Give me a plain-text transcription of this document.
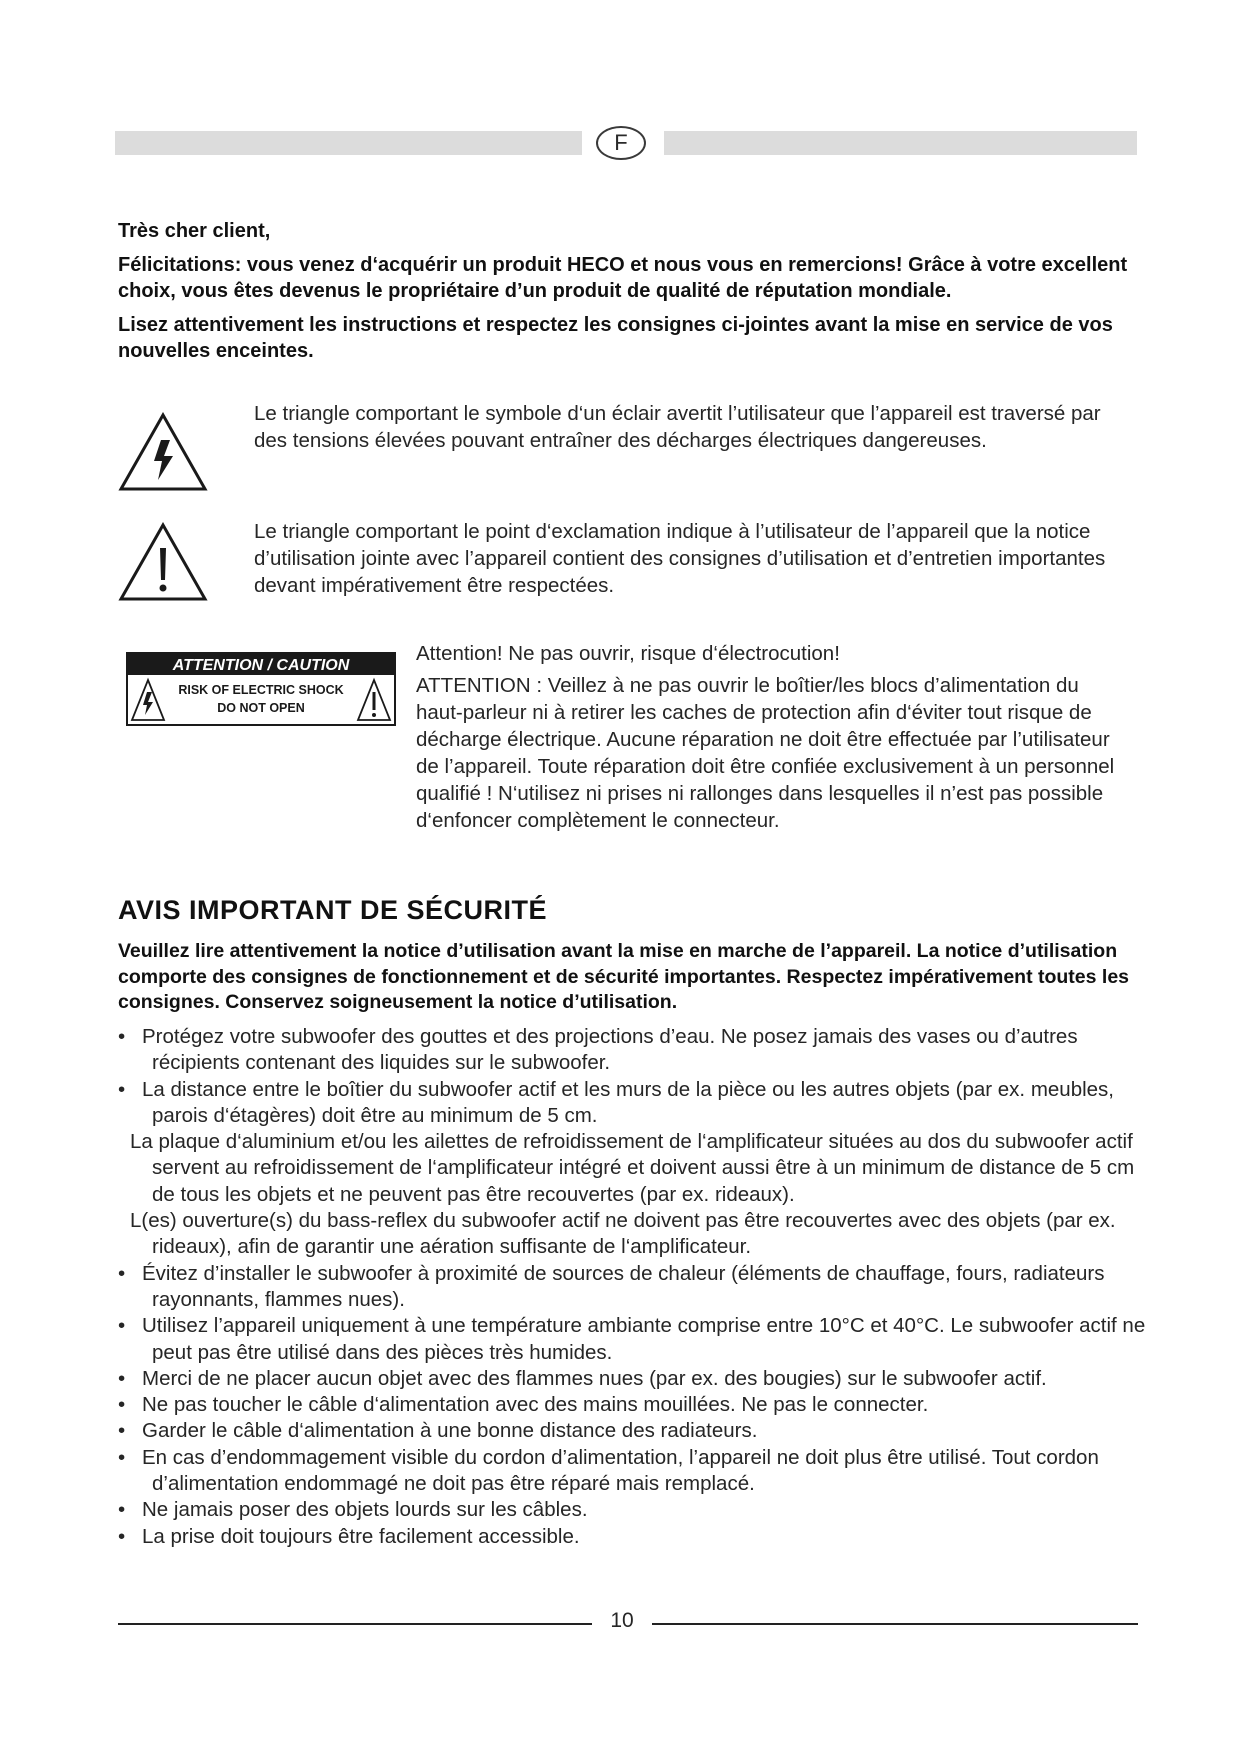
F

Très cher client,

Félicitations: vous venez d‘acquérir un produit HECO et nous vous en remercions! Grâce à votre excellent choix, vous êtes devenus le propriétaire d’un produit de qualité de réputation mondiale.

Lisez attentivement les instructions et respectez les consignes ci-jointes avant la mise en service de vos nouvelles enceintes.

Le triangle comportant le symbole d‘un éclair avertit l’utilisateur que l’appareil est traversé par des tensions élevées pouvant entraîner des décharges électriques dangereuses.
Le triangle comportant le point d‘exclamation indique à l’utilisateur de l’appareil que la notice d’utilisation jointe avec l’appareil contient des consignes d’utilisation et d’entretien importantes devant impérativement être respectées.
ATTENTION / CAUTION
RISK OF ELECTRIC SHOCK
DO NOT OPEN
Attention! Ne pas ouvrir, risque d‘électrocution!
ATTENTION : Veillez à ne pas ouvrir le boîtier/les blocs d’alimentation du haut-parleur ni à retirer les caches de protection afin d‘éviter tout risque de décharge électrique. Aucune réparation ne doit être effectuée par l’utilisateur de l’appareil. Toute réparation doit être confiée exclusivement à un personnel qualifié ! N‘utilisez ni prises ni rallonges dans lesquelles il n’est pas possible d‘enfoncer complètement le connecteur.
AVIS IMPORTANT DE SÉCURITÉ
Veuillez lire attentivement la notice d’utilisation avant la mise en marche de l’appareil. La notice d’utilisation comporte des consignes de fonctionnement et de sécurité importantes. Respectez impérativement toutes les consignes. Conservez soigneusement la notice d’utilisation.
• Protégez votre subwoofer des gouttes et des projections d’eau. Ne posez jamais des vases ou d’autres récipients contenant des liquides sur le subwoofer.
• La distance entre le boîtier du subwoofer actif et les murs de la pièce ou les autres objets (par ex. meubles, parois d‘étagères) doit être au minimum de 5 cm.
La plaque d‘aluminium et/ou les ailettes de refroidissement de l‘amplificateur situées au dos du subwoofer actif servent au refroidissement de l‘amplificateur intégré et doivent aussi être à un minimum de distance de 5 cm de tous les objets et ne peuvent pas être recouvertes (par ex. rideaux).
L(es) ouverture(s) du bass-reflex du subwoofer actif ne doivent pas être recouvertes avec des objets (par ex. rideaux), afin de garantir une aération suffisante de l‘amplificateur.
• Évitez d’installer le subwoofer à proximité de sources de chaleur (éléments de chauffage, fours, radiateurs rayonnants, flammes nues).
• Utilisez l’appareil uniquement à une température ambiante comprise entre 10°C et 40°C. Le subwoofer actif ne peut pas être utilisé dans des pièces très humides.
• Merci de ne placer aucun objet avec des flammes nues (par ex. des bougies) sur le subwoofer actif.
• Ne pas toucher le câble d‘alimentation avec des mains mouillées. Ne pas le connecter.
• Garder le câble d‘alimentation à une bonne distance des radiateurs.
• En cas d’endommagement visible du cordon d’alimentation, l’appareil ne doit plus être utilisé. Tout cordon d’alimentation endommagé ne doit pas être réparé mais remplacé.
• Ne jamais poser des objets lourds sur les câbles.
• La prise doit toujours être facilement accessible.
10
